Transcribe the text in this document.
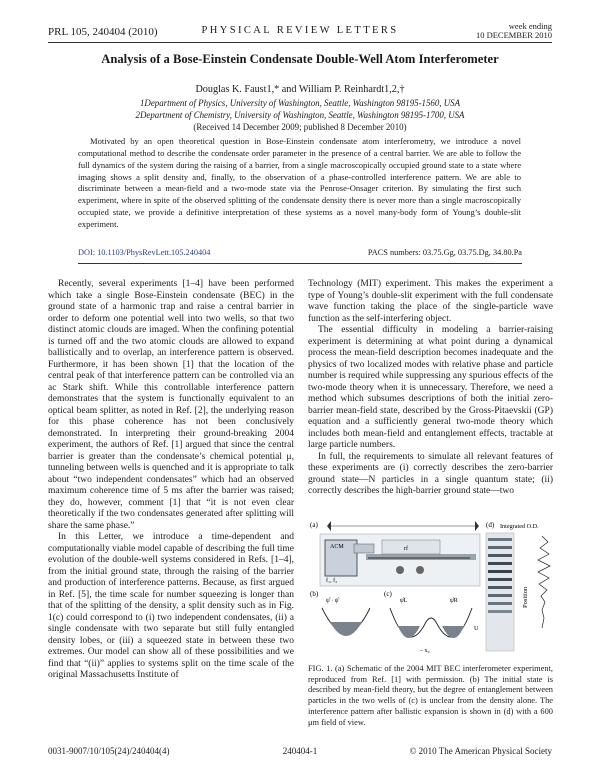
PRL 105, 240404 (2010)	PHYSICAL REVIEW LETTERS	week ending
10 DECEMBER 2010
Analysis of a Bose-Einstein Condensate Double-Well Atom Interferometer
Douglas K. Faust1,* and William P. Reinhardt1,2,†
1Department of Physics, University of Washington, Seattle, Washington 98195-1560, USA
2Department of Chemistry, University of Washington, Seattle, Washington 98195-1700, USA
(Received 14 December 2009; published 8 December 2010)
Motivated by an open theoretical question in Bose-Einstein condensate atom interferometry, we introduce a novel computational method to describe the condensate order parameter in the presence of a central barrier. We are able to follow the full dynamics of the system during the raising of a barrier, from a single macroscopically occupied ground state to a state where imaging shows a split density and, finally, to the observation of a phase-controlled interference pattern. We are able to discriminate between a mean-field and a two-mode state via the Penrose-Onsager criterion. By simulating the first such experiment, where in spite of the observed splitting of the condensate density there is never more than a single macroscopically occupied state, we provide a definitive interpretation of these systems as a novel many-body form of Young’s double-slit experiment.
DOI: 10.1103/PhysRevLett.105.240404	PACS numbers: 03.75.Gg, 03.75.Dg, 34.80.Pa

Recently, several experiments [1–4] have been performed which take a single Bose-Einstein condensate (BEC) in the ground state of a harmonic trap and raise a central barrier in order to deform one potential well into two wells, so that two distinct atomic clouds are imaged. When the confining potential is turned off and the two atomic clouds are allowed to expand ballistically and to overlap, an interference pattern is observed. Furthermore, it has been shown [1] that the location of the central peak of that interference pattern can be controlled via an ac Stark shift. While this controllable interference pattern demonstrates that the system is functionally equivalent to an optical beam splitter, as noted in Ref. [2], the underlying reason for this phase coherence has not been conclusively demonstrated. In interpreting their ground-breaking 2004 experiment, the authors of Ref. [1] argued that since the central barrier is greater than the condensate’s chemical potential μ, tunneling between wells is quenched and it is appropriate to talk about “two independent condensates” which had an observed maximum coherence time of 5 ms after the barrier was raised; they do, however, comment [1] that “it is not even clear theoretically if the two condensates generated after splitting will share the same phase.”

In this Letter, we introduce a time-dependent and computationally viable model capable of describing the full time evolution of the double-well systems considered in Refs. [1–4], from the initial ground state, through the raising of the barrier and production of interference patterns. Because, as first argued in Ref. [5], the time scale for number squeezing is longer than that of the splitting of the density, a split density such as in Fig. 1(c) could correspond to (i) two independent condensates, (ii) a single condensate with two separate but still fully entangled density lobes, or (iii) a squeezed state in between these two extremes. Our model can show all of these possibilities and we find that “(ii)” applies to systems split on the time scale of the original Massachusetts Institute of

Technology (MIT) experiment. This makes the experiment a type of Young’s double-slit experiment with the full condensate wave function taking the place of the single-particle wave function as the self-interfering object.

The essential difficulty in modeling a barrier-raising experiment is determining at what point during a dynamical process the mean-field description becomes inadequate and the physics of two localized modes with relative phase and particle number is required while suppressing any spurious effects of the two-mode theory when it is unnecessary. Therefore, we need a method which subsumes descriptions of both the initial zero-barrier mean-field state, described by the Gross-Pitaevskii (GP) equation and a sufficiently general two-mode theory which includes both mean-field and entanglement effects, tractable at large particle numbers.

In full, the requirements to simulate all relevant features of these experiments are (i) correctly describes the zero-barrier ground state—N particles in a single quantum state; (ii) correctly describes the high-barrier ground state—two

(a)
ACM	rf
f₁, f₂
(d) Integrated O.D.
Position
(b)
ψ̂ · ψ̂
(c)
ψ̂L	ψ̂R
U
– x₀
FIG. 1. (a) Schematic of the 2004 MIT BEC interferometer experiment, reproduced from Ref. [1] with permission. (b) The initial state is described by mean-field theory, but the degree of entanglement between particles in the two wells of (c) is unclear from the density alone. The interference pattern after ballistic expansion is shown in (d) with a 600 μm field of view.
0031-9007/10/105(24)/240404(4)	240404-1	© 2010 The American Physical Society
